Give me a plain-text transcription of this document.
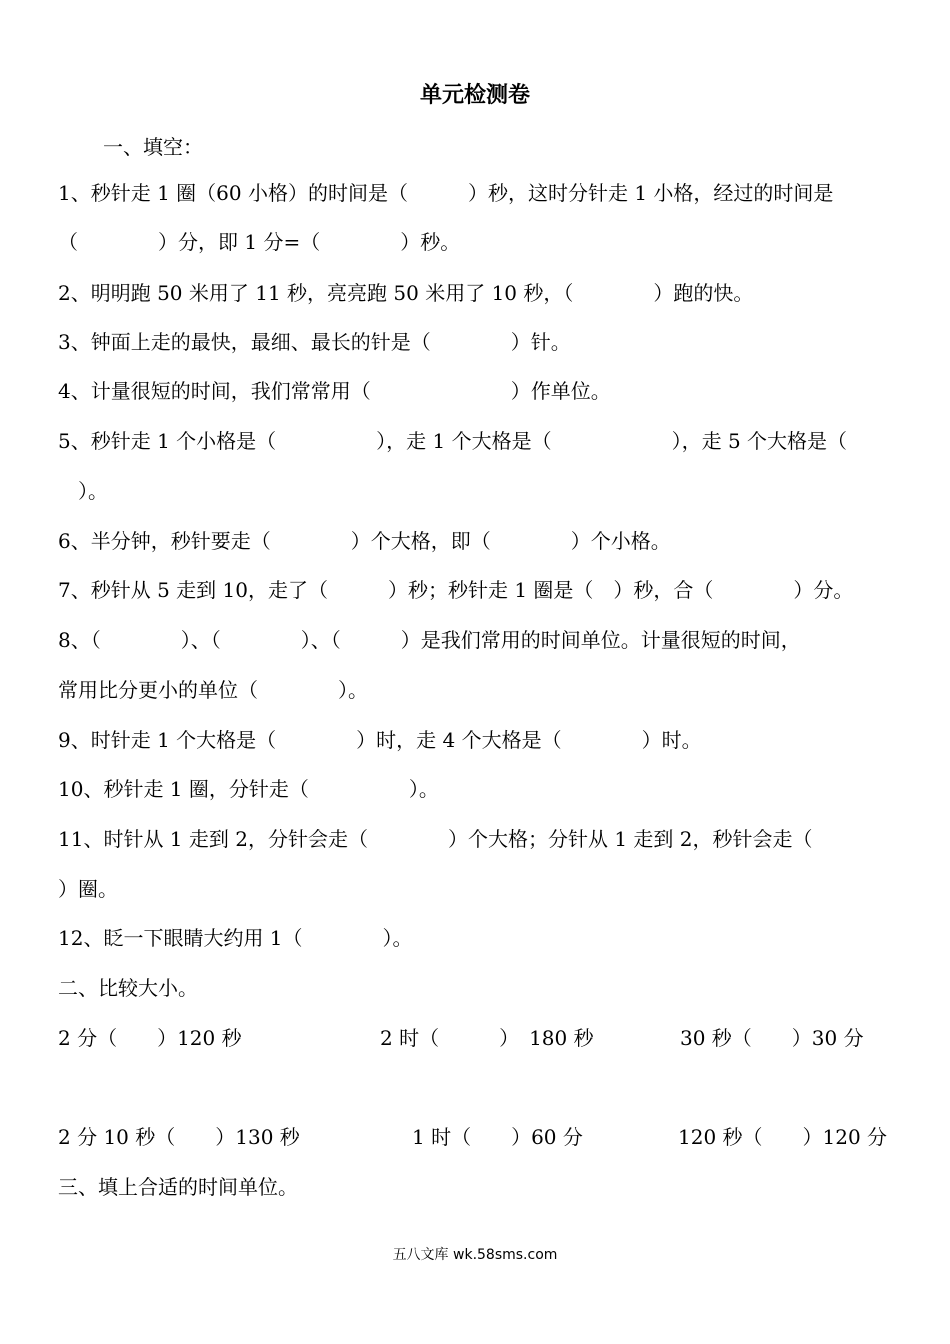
单元检测卷
一、填空：
1、秒针走 1 圈（60 小格）的时间是（　　　）秒，这时分针走 1 小格，经过的时间是
（　　　　）分，即 1 分=（　　　　）秒。
2、明明跑 50 米用了 11 秒，亮亮跑 50 米用了 10 秒，（　　　　）跑的快。
3、钟面上走的最快，最细、最长的针是（　　　　）针。
4、计量很短的时间，我们常常用（　　　　　　　）作单位。
5、秒针走 1 个小格是（　　　　　），走 1 个大格是（　　　　　　），走 5 个大格是（
　）。
6、半分钟，秒针要走（　　　　）个大格，即（　　　　）个小格。
7、秒针从 5 走到 10，走了（　　　）秒；秒针走 1 圈是（　）秒，合（　　　　）分。
8、（　　　　）、（　　　　）、（　　　）是我们常用的时间单位。计量很短的时间，
常用比分更小的单位（　　　　）。
9、时针走 1 个大格是（　　　　）时，走 4 个大格是（　　　　）时。
10、秒针走 1 圈，分针走（　　　　　）。
11、时针从 1 走到 2，分针会走（　　　　）个大格；分针从 1 走到 2，秒针会走（
）圈。
12、眨一下眼睛大约用 1（　　　　）。
二、比较大小。
2 分（　　）120 秒	2 时（　　　）　180 秒	30 秒（　　）30 分
2 分 10 秒（　　）130 秒	1 时（　　）60 分	120 秒（　　）120 分
三、填上合适的时间单位。
五八文库 wk.58sms.com
